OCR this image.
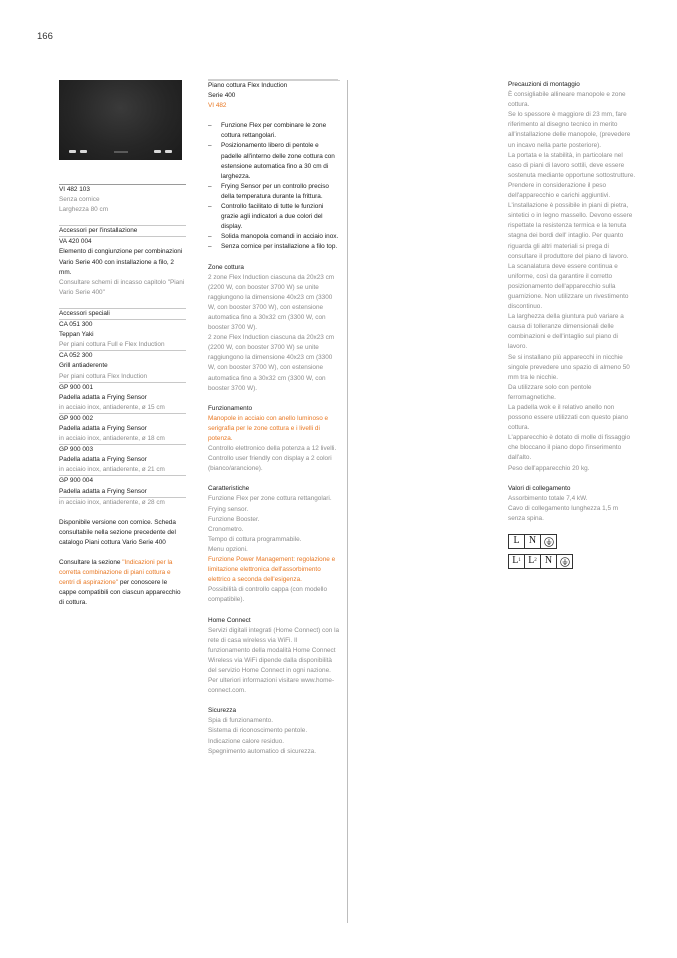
166

VI 482 103

Senza cornice

Larghezza 80 cm

Accessori per l'installazione

VA 420 004

Elemento di congiunzione per combinazioni Vario Serie 400 con installazione a filo, 2 mm.

Consultare schemi di incasso capitolo "Piani Vario Serie 400"

Accessori speciali

CA 051 300

Teppan Yaki

Per piani cottura Full e Flex Induction

CA 052 300

Grill antiaderente

Per piani cottura Flex Induction

GP 900 001

Padella adatta a Frying Sensor

in acciaio inox, antiaderente, ø 15 cm

GP 900 002

Padella adatta a Frying Sensor

in acciaio inox, antiaderente, ø 18 cm

GP 900 003

Padella adatta a Frying Sensor

in acciaio inox, antiaderente, ø 21 cm

GP 900 004

Padella adatta a Frying Sensor

in acciaio inox, antiaderente, ø 28 cm

Disponibile versione con cornice. Scheda consultabile nella sezione precedente del catalogo Piani cottura Vario Serie 400

Consultare la sezione "Indicazioni per la corretta combinazione di piani cottura e centri di aspirazione" per conoscere le cappe compatibili con ciascun apparecchio di cottura.

Piano cottura Flex Induction

Serie 400

VI 482

–	Funzione Flex per combinare le zone cottura rettangolari.
–	Posizionamento libero di pentole e padelle all'interno delle zone cottura con estensione automatica fino a 30 cm di larghezza.
–	Frying Sensor per un controllo preciso della temperatura durante la frittura.
–	Controllo facilitato di tutte le funzioni grazie agli indicatori a due colori del display.
–	Solida manopola comandi in acciaio inox.
–	Senza cornice per installazione a filo top.

Zone cottura

2 zone Flex Induction ciascuna da 20x23 cm (2200 W, con booster 3700 W) se unite raggiungono la dimensione 40x23 cm (3300 W, con booster 3700 W), con estensione automatica fino a 30x32 cm (3300 W, con booster 3700 W).

2 zone Flex Induction ciascuna da 20x23 cm (2200 W, con booster 3700 W) se unite raggiungono la dimensione 40x23 cm (3300 W, con booster 3700 W), con estensione automatica fino a 30x32 cm (3300 W, con booster 3700 W).

Funzionamento

Manopole in acciaio con anello luminoso e serigrafia per le zone cottura e i livelli di potenza.

Controllo elettronico della potenza a 12 livelli.

Controllo user friendly con display a 2 colori (bianco/arancione).

Caratteristiche

Funzione Flex per zone cottura rettangolari.

Frying sensor.

Funzione Booster.

Cronometro.

Tempo di cottura programmabile.

Menu opzioni.

Funzione Power Management: regolazione e limitazione elettronica dell'assorbimento elettrico a seconda dell'esigenza.

Possibilità di controllo cappa (con modello compatibile).

Home Connect

Servizi digitali integrati (Home Connect) con la rete di casa wireless via WiFi. Il funzionamento della modalità Home Connect Wireless via WiFi dipende dalla disponibilità del servizio Home Connect in ogni nazione. Per ulteriori informazioni visitare www.home-connect.com.

Sicurezza

Spia di funzionamento.

Sistema di riconoscimento pentole.

Indicazione calore residuo.

Spegnimento automatico di sicurezza.

Precauzioni di montaggio

È consigliabile allineare manopole e zone cottura.

Se lo spessore è maggiore di 23 mm, fare riferimento al disegno tecnico in merito all'installazione delle manopole, (prevedere un incavo nella parte posteriore).

La portata e la stabilità, in particolare nel caso di piani di lavoro sottili, deve essere sostenuta mediante opportune sottostrutture. Prendere in considerazione il peso dell'apparecchio e carichi aggiuntivi.

L'installazione è possibile in piani di pietra, sintetici o in legno massello. Devono essere rispettate la resistenza termica e la tenuta stagna dei bordi dell' intaglio. Per quanto riguarda gli altri materiali si prega di consultare il produttore del piano di lavoro.

La scanalatura deve essere continua e uniforme, così da garantire il corretto posizionamento dell'apparecchio sulla guarnizione. Non utilizzare un rivestimento discontinuo.

La larghezza della giuntura può variare a causa di tolleranze dimensionali delle combinazioni e dell'intaglio sul piano di lavoro.

Se si installano più apparecchi in nicchie singole prevedere uno spazio di almeno 50 mm tra le nicchie.

Da utilizzare solo con pentole ferromagnetiche.

La padella wok e il relativo anello non possono essere utilizzati con questo piano cottura.

L'apparecchio è dotato di molle di fissaggio che bloccano il piano dopo l'inserimento dall'alto.

Peso dell'apparecchio 20 kg.

Valori di collegamento

Assorbimento totale 7,4 kW.

Cavo di collegamento lunghezza 1,5 m senza spina.

L N

L 1 L 2 N
